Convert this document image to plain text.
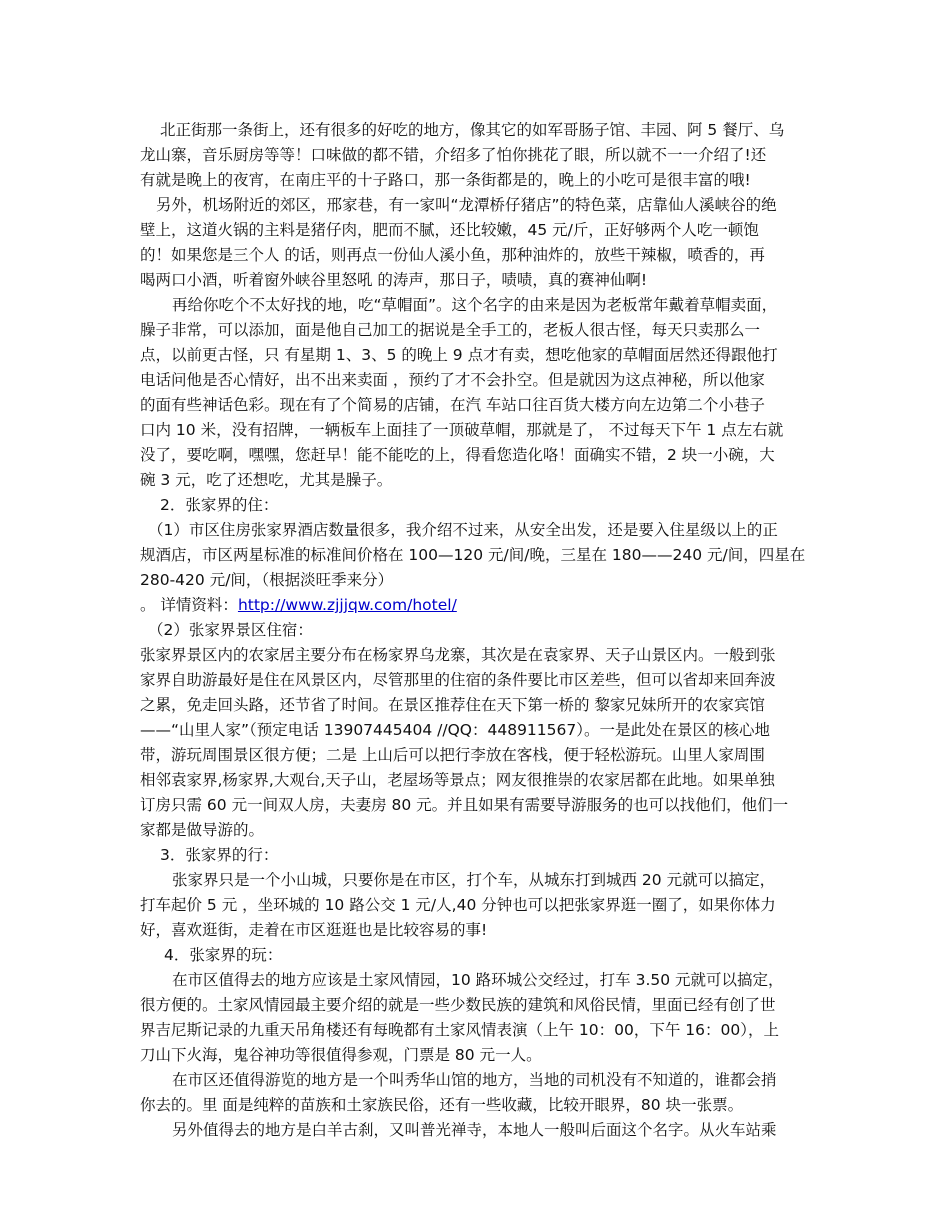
北正街那一条街上，还有很多的好吃的地方，像其它的如军哥肠子馆、丰园、阿 5 餐厅、乌
龙山寨，音乐厨房等等！口味做的都不错，介绍多了怕你挑花了眼，所以就不一一介绍了!还
有就是晚上的夜宵，在南庄平的十子路口，那一条街都是的，晚上的小吃可是很丰富的哦!
另外，机场附近的郊区，邢家巷，有一家叫“龙潭桥仔猪店”的特色菜，店靠仙人溪峡谷的绝
壁上，这道火锅的主料是猪仔肉，肥而不腻，还比较嫩，45 元/斤，正好够两个人吃一顿饱
的！如果您是三个人 的话，则再点一份仙人溪小鱼，那种油炸的，放些干辣椒，喷香的，再
喝两口小酒，听着窗外峡谷里怒吼 的涛声，那日子，啧啧，真的赛神仙啊!
再给你吃个不太好找的地，吃“草帽面”。这个名字的由来是因为老板常年戴着草帽卖面，
臊子非常，可以添加，面是他自己加工的据说是全手工的，老板人很古怪，每天只卖那么一
点，以前更古怪，只 有星期 1、3、5 的晚上 9 点才有卖，想吃他家的草帽面居然还得跟他打
电话问他是否心情好，出不出来卖面 ，预约了才不会扑空。但是就因为这点神秘，所以他家
的面有些神话色彩。现在有了个简易的店铺，在汽 车站口往百货大楼方向左边第二个小巷子
口内 10 米，没有招牌，一辆板车上面挂了一顶破草帽，那就是了， 不过每天下午 1 点左右就
没了，要吃啊，嘿嘿，您赶早！能不能吃的上，得看您造化咯！面确实不错，2 块一小碗，大
碗 3 元，吃了还想吃，尤其是臊子。
2．张家界的住：
（1）市区住房张家界酒店数量很多，我介绍不过来，从安全出发，还是要入住星级以上的正
规酒店，市区两星标准的标准间价格在 100—120 元/间/晚，三星在 180——240 元/间，四星在
280-420 元/间，（根据淡旺季来分）
。 详情资料：http://www.zjjjqw.com/hotel/
（2）张家界景区住宿：
张家界景区内的农家居主要分布在杨家界乌龙寨，其次是在袁家界、天子山景区内。一般到张
家界自助游最好是住在风景区内，尽管那里的住宿的条件要比市区差些，但可以省却来回奔波
之累，免走回头路，还节省了时间。在景区推荐住在天下第一桥的 黎家兄妹所开的农家宾馆
——“山里人家”（预定电话 13907445404 //QQ：448911567）。一是此处在景区的核心地
带，游玩周围景区很方便；二是 上山后可以把行李放在客栈，便于轻松游玩。山里人家周围
相邻袁家界,杨家界,大观台,天子山，老屋场等景点；网友很推崇的农家居都在此地。如果单独
订房只需 60 元一间双人房，夫妻房 80 元。并且如果有需要导游服务的也可以找他们，他们一
家都是做导游的。
3．张家界的行：
张家界只是一个小山城，只要你是在市区，打个车，从城东打到城西 20 元就可以搞定，
打车起价 5 元 ，坐环城的 10 路公交 1 元/人,40 分钟也可以把张家界逛一圈了，如果你体力
好，喜欢逛街，走着在市区逛逛也是比较容易的事!
4．张家界的玩：
在市区值得去的地方应该是土家风情园，10 路环城公交经过，打车 3.50 元就可以搞定，
很方便的。土家风情园最主要介绍的就是一些少数民族的建筑和风俗民情，里面已经有创了世
界吉尼斯记录的九重天吊角楼还有每晚都有土家风情表演（上午 10：00，下午 16：00），上
刀山下火海，鬼谷神功等很值得参观，门票是 80 元一人。
在市区还值得游览的地方是一个叫秀华山馆的地方，当地的司机没有不知道的，谁都会捎
你去的。里 面是纯粹的苗族和土家族民俗，还有一些收藏，比较开眼界，80 块一张票。
另外值得去的地方是白羊古刹，又叫普光禅寺，本地人一般叫后面这个名字。从火车站乘
